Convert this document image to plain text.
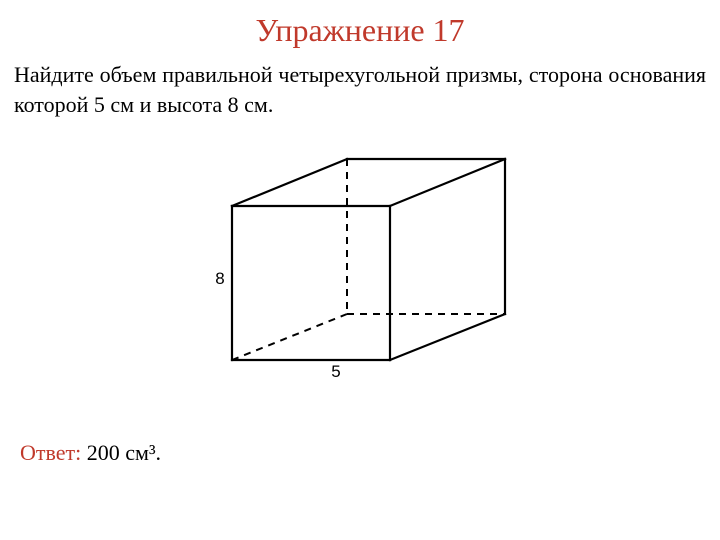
Упражнение 17
Найдите объем правильной четырехугольной призмы, сторона основания которой 5 см и высота 8 см.
8
5
Ответ: 200 см³.
